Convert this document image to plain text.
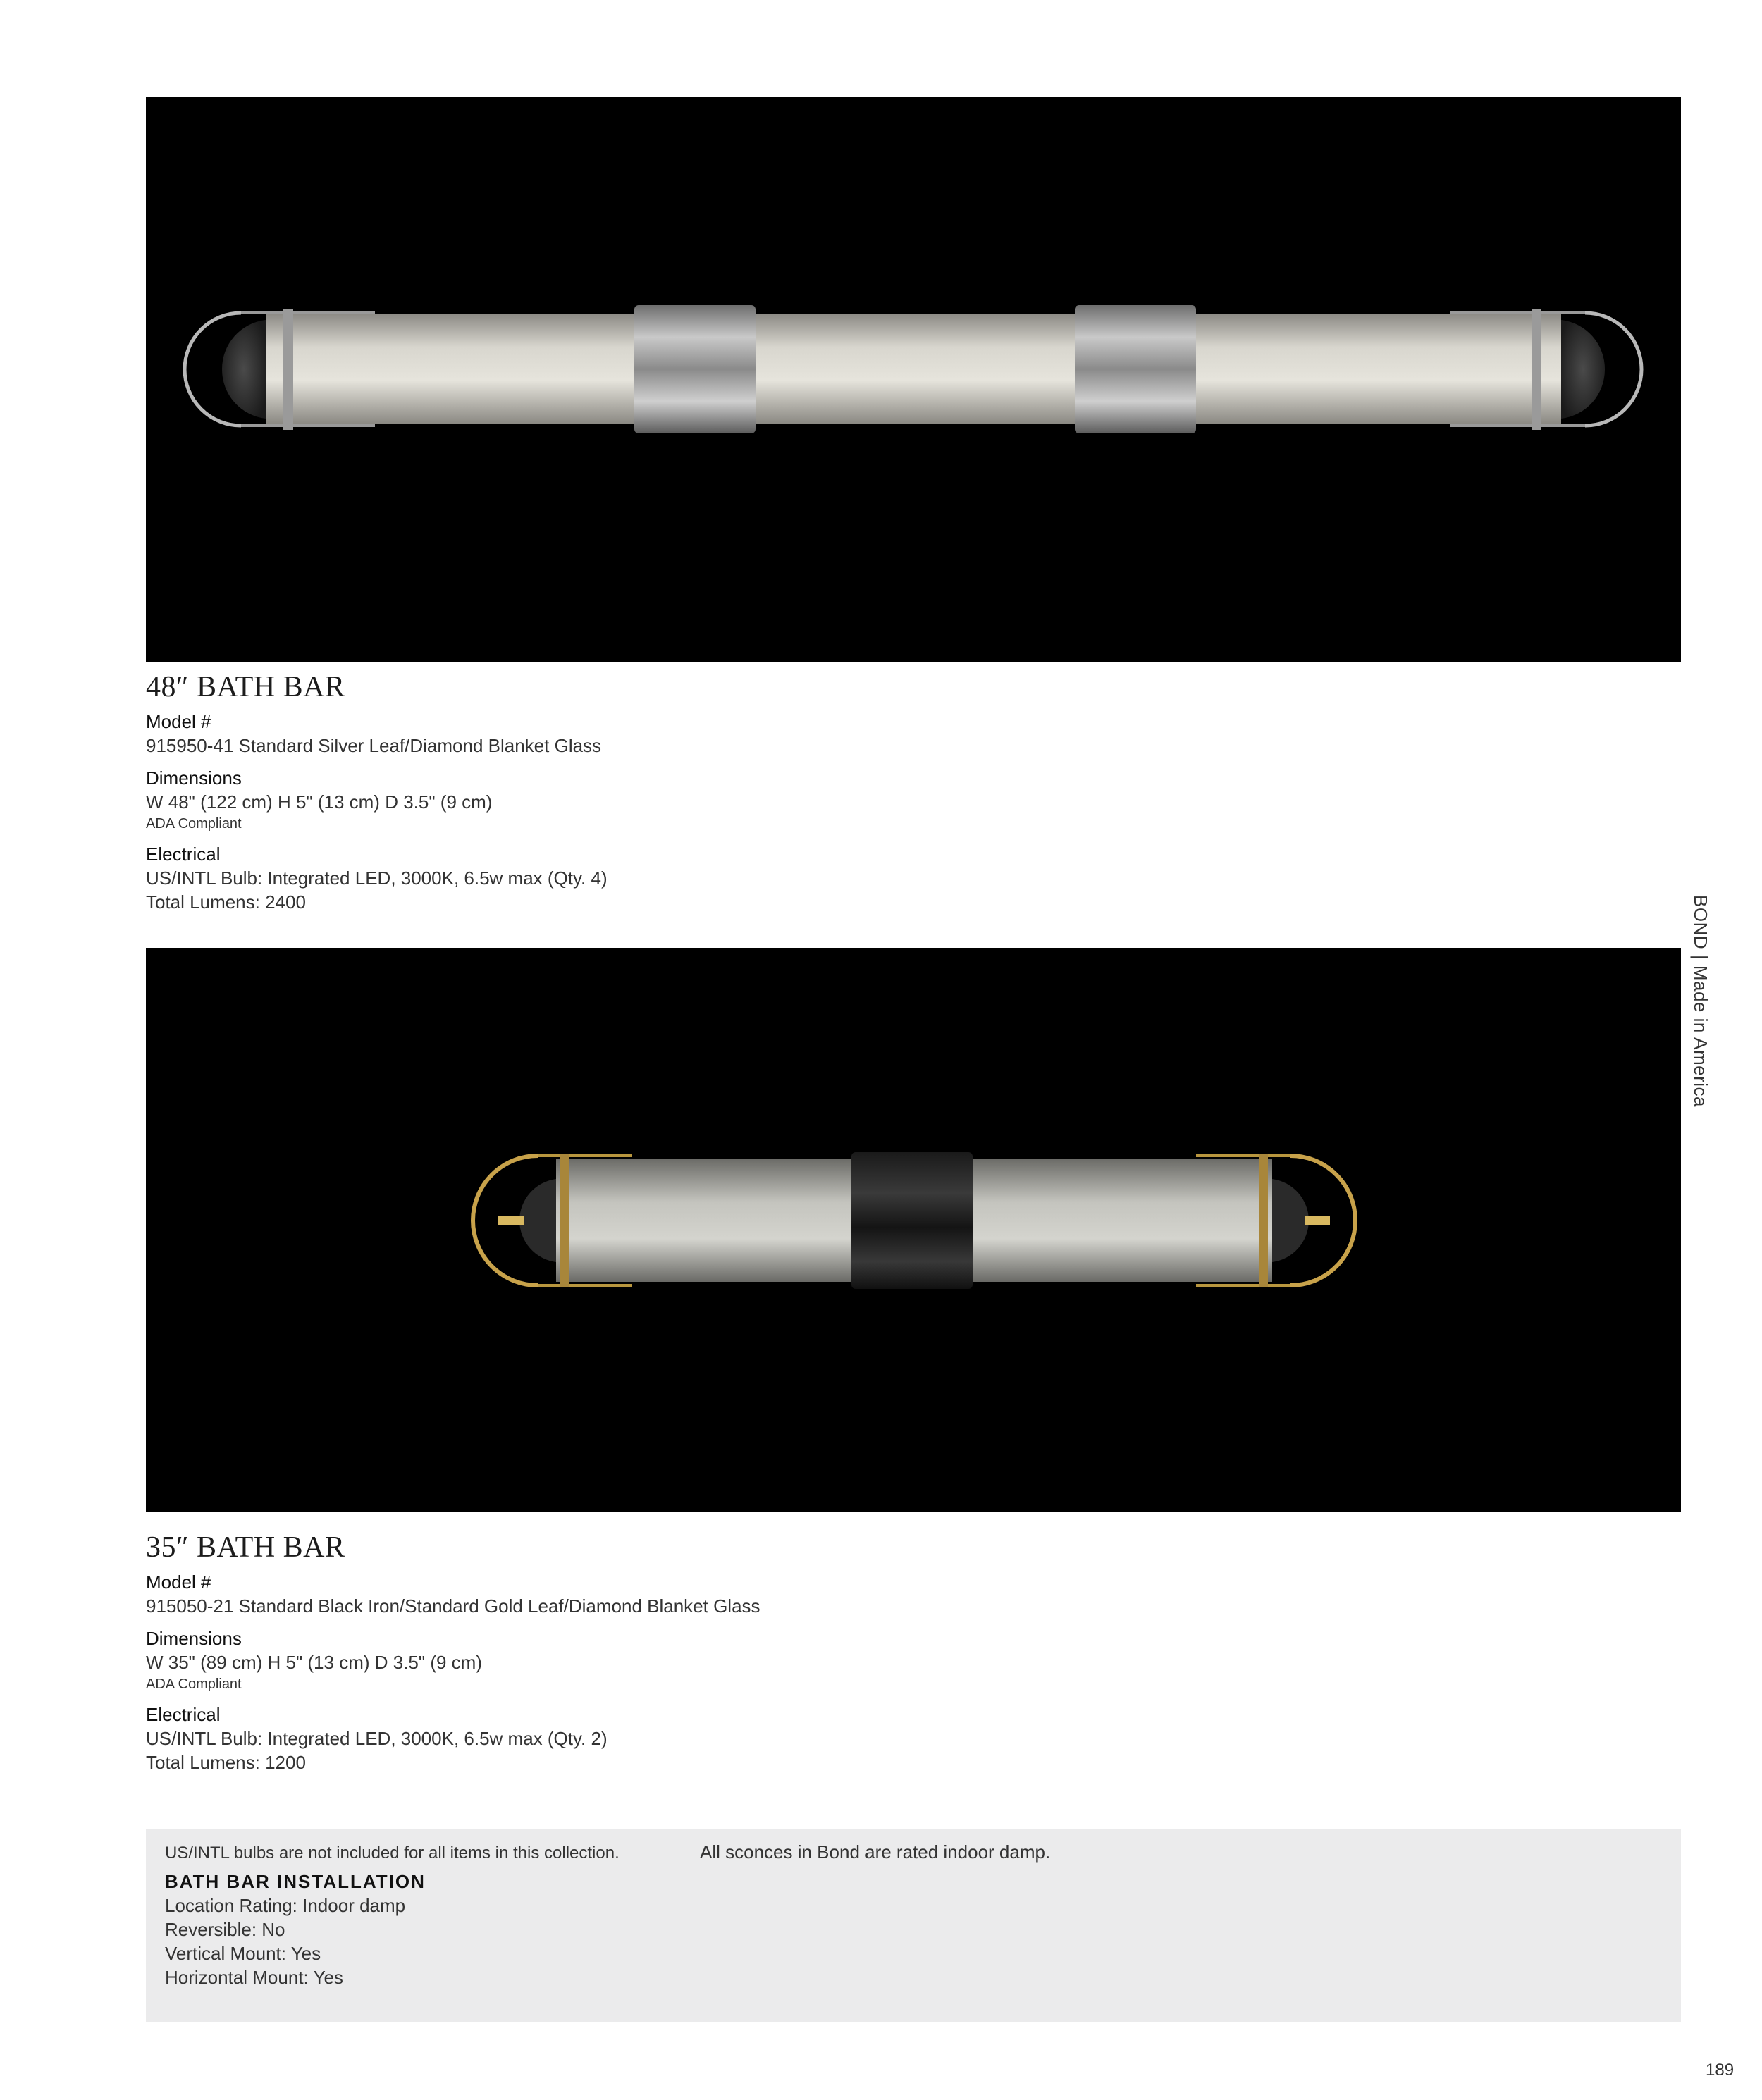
48″ BATH BAR
Model #
915950-41 Standard Silver Leaf/Diamond Blanket Glass
Dimensions
W 48" (122 cm) H 5" (13 cm) D 3.5" (9 cm)
ADA Compliant
Electrical
US/INTL Bulb: Integrated LED, 3000K, 6.5w max (Qty. 4)
Total Lumens: 2400
35″ BATH BAR
Model #
915050-21 Standard Black Iron/Standard Gold Leaf/Diamond Blanket Glass
Dimensions
W 35" (89 cm) H 5" (13 cm) D 3.5" (9 cm)
ADA Compliant
Electrical
US/INTL Bulb: Integrated LED, 3000K, 6.5w max (Qty. 2)
Total Lumens: 1200
BOND | Made in America
US/INTL bulbs are not included for all items in this collection.
BATH BAR INSTALLATION
Location Rating: Indoor damp
Reversible: No
Vertical Mount: Yes
Horizontal Mount: Yes
All sconces in Bond are rated indoor damp.
189
